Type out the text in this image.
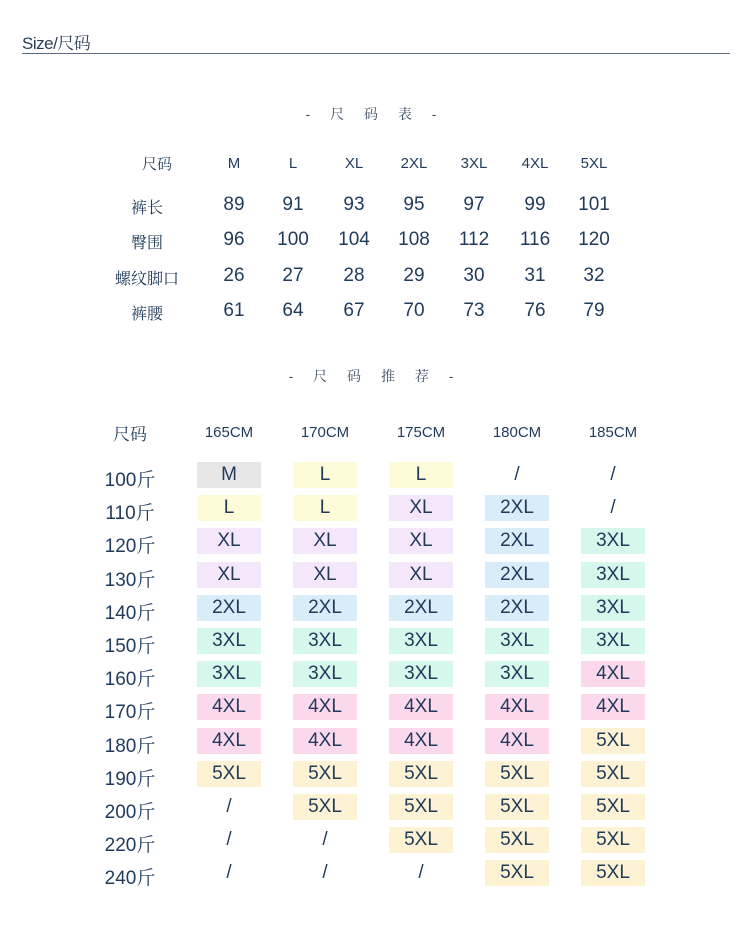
Size/尺码
- 尺 码 表 -
尺码	M	L	XL	2XL	3XL	4XL	5XL
裤长	89	91	93	95	97	99	101
臀围	96	100	104	108	112	116	120
螺纹脚口	26	27	28	29	30	31	32
裤腰	61	64	67	70	73	76	79
- 尺 码 推 荐 -
尺码	165CM	170CM	175CM	180CM	185CM
100斤	M	L	L	/	/
110斤	L	L	XL	2XL	/
120斤	XL	XL	XL	2XL	3XL
130斤	XL	XL	XL	2XL	3XL
140斤	2XL	2XL	2XL	2XL	3XL
150斤	3XL	3XL	3XL	3XL	3XL
160斤	3XL	3XL	3XL	3XL	4XL
170斤	4XL	4XL	4XL	4XL	4XL
180斤	4XL	4XL	4XL	4XL	5XL
190斤	5XL	5XL	5XL	5XL	5XL
200斤	/	5XL	5XL	5XL	5XL
220斤	/	/	5XL	5XL	5XL
240斤	/	/	/	5XL	5XL
